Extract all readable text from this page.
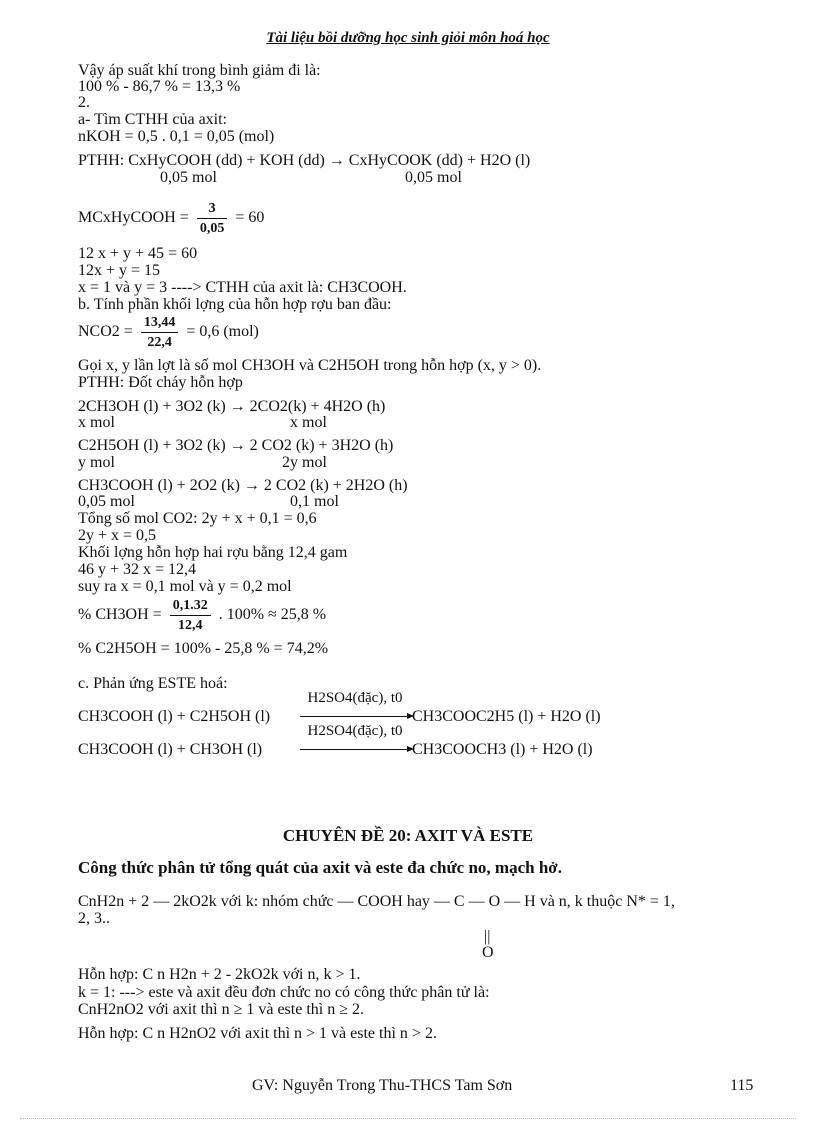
Tài liệu bồi dưỡng học sinh giỏi môn hoá học
Vậy áp suất khí trong bình giảm đi là:
100 % - 86,7 % = 13,3 %
2.
a- Tìm CTHH của axit:
nKOH = 0,5 . 0,1 = 0,05 (mol)
PTHH: CxHyCOOH (dd) + KOH (dd) → CxHyCOOK (dd) + H2O (l)
0,05 mol	0,05 mol
MCxHyCOOH = $\frac{3}{0,05} = 60$
12 x + y + 45 = 60
12x + y = 15
x = 1 và y = 3 ----> CTHH của axit là: CH3COOH.
b. Tính phần khối lợng của hỗn hợp rợu ban đầu:
$NCO2 = \frac{13,44}{22,4} = 0,6$ (mol)
Gọi x, y lần lợt là số mol CH3OH và C2H5OH trong hỗn hợp (x, y > 0).
PTHH: Đốt cháy hỗn hợp
2CH3OH (l) + 3O2 (k) → 2CO2(k) + 4H2O (h)
x mol	x mol
C2H5OH (l) + 3O2 (k) → 2 CO2 (k) + 3H2O (h)
y mol	2y mol
CH3COOH (l) + 2O2 (k) → 2 CO2 (k) + 2H2O (h)
0,05 mol	0,1 mol
Tổng số mol CO2: 2y + x + 0,1 = 0,6
2y + x = 0,5
Khối lợng hỗn hợp hai rợu bằng 12,4 gam
46 y + 32 x = 12,4
suy ra x = 0,1 mol và y = 0,2 mol
% $CH3OH = \frac{0,1.32}{12,4}$ . 100% ≈ 25,8 %
% C2H5OH = 100% - 25,8 % = 74,2%
c. Phản ứng ESTE hoá:
H2SO4(đặc), t0
CH3COOH (l) + C2H5OH (l)	CH3COOC2H5 (l) + H2O (l)
H2SO4(đặc), t0
CH3COOH (l) + CH3OH (l)	CH3COOCH3 (l) + H2O (l)
CHUYÊN ĐỀ 20: AXIT VÀ ESTE
Công thức phân tử tổng quát của axit và este đa chức no, mạch hở.
CnH2n + 2 — 2kO2k với k: nhóm chức — COOH hay — C — O — H và n, k thuộc N* = 1,
2, 3..
||
O
Hỗn hợp: C n H2n + 2 - 2kO2k với n, k > 1.
k = 1: ---> este và axit đều đơn chức no có công thức phân tử là:
CnH2nO2 với axit thì n ≥ 1 và este thì n ≥ 2.
Hỗn hợp: C n H2nO2 với axit thì n > 1 và este thì n > 2.
GV: Nguyễn Trong Thu-THCS Tam Sơn	115
